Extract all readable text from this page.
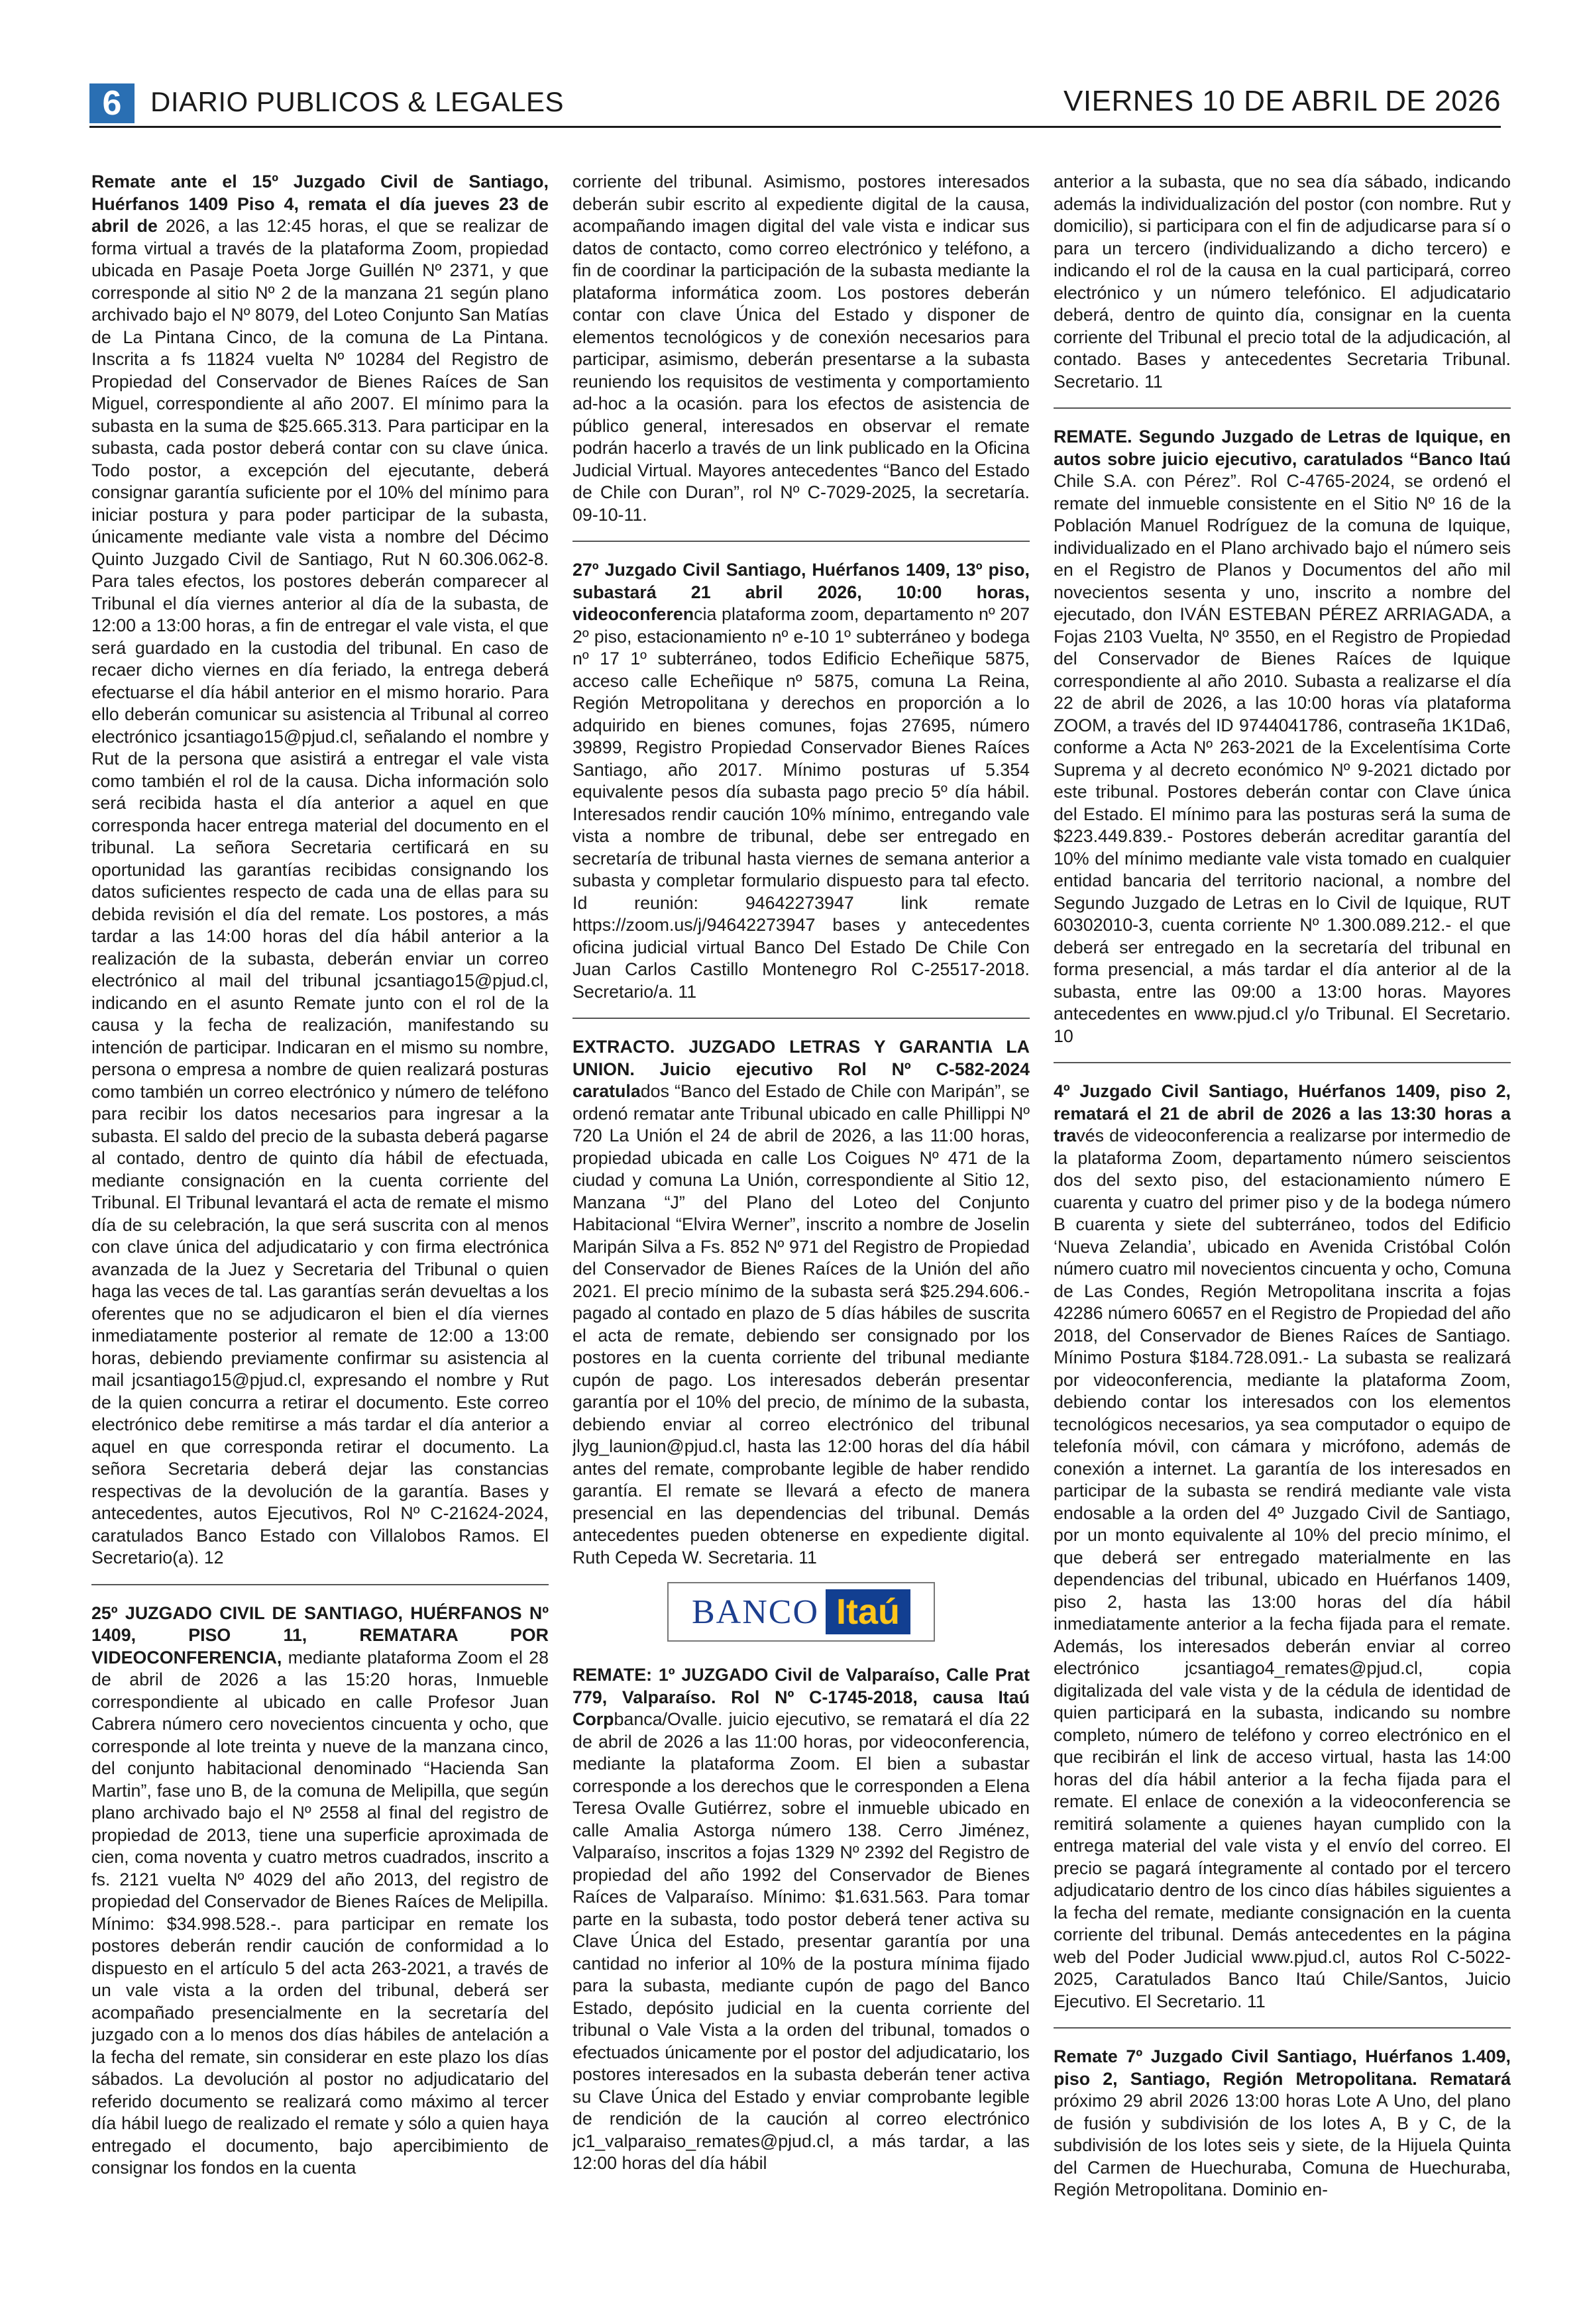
6	DIARIO PUBLICOS & LEGALES	VIERNES 10 DE ABRIL DE 2026

Remate ante el 15º Juzgado Civil de Santiago, Huérfanos 1409 Piso 4, remata el día jueves 23 de abril de 2026, a las 12:45 horas, el que se realizar de forma virtual a través de la plataforma Zoom, propiedad ubicada en Pasaje Poeta Jorge Guillén Nº 2371, y que corresponde al sitio Nº 2 de la manzana 21 según plano archivado bajo el Nº 8079, del Loteo Conjunto San Matías de La Pintana Cinco, de la comuna de La Pintana. Inscrita a fs 11824 vuelta Nº 10284 del Registro de Propiedad del Conservador de Bienes Raíces de San Miguel, correspondiente al año 2007. El mínimo para la subasta en la suma de $25.665.313. Para participar en la subasta, cada postor deberá contar con su clave única. Todo postor, a excepción del ejecutante, deberá consignar garantía suficiente por el 10% del mínimo para iniciar postura y para poder participar de la subasta, únicamente mediante vale vista a nombre del Décimo Quinto Juzgado Civil de Santiago, Rut N 60.306.062-8. Para tales efectos, los postores deberán comparecer al Tribunal el día viernes anterior al día de la subasta, de 12:00 a 13:00 horas, a fin de entregar el vale vista, el que será guardado en la custodia del tribunal. En caso de recaer dicho viernes en día feriado, la entrega deberá efectuarse el día hábil anterior en el mismo horario. Para ello deberán comunicar su asistencia al Tribunal al correo electrónico jcsantiago15@pjud.cl, señalando el nombre y Rut de la persona que asistirá a entregar el vale vista como también el rol de la causa. Dicha información solo será recibida hasta el día anterior a aquel en que corresponda hacer entrega material del documento en el tribunal. La señora Secretaria certificará en su oportunidad las garantías recibidas consignando los datos suficientes respecto de cada una de ellas para su debida revisión el día del remate. Los postores, a más tardar a las 14:00 horas del día hábil anterior a la realización de la subasta, deberán enviar un correo electrónico al mail del tribunal jcsantiago15@pjud.cl, indicando en el asunto Remate junto con el rol de la causa y la fecha de realización, manifestando su intención de participar. Indicaran en el mismo su nombre, persona o empresa a nombre de quien realizará posturas como también un correo electrónico y número de teléfono para recibir los datos necesarios para ingresar a la subasta. El saldo del precio de la subasta deberá pagarse al contado, dentro de quinto día hábil de efectuada, mediante consignación en la cuenta corriente del Tribunal. El Tribunal levantará el acta de remate el mismo día de su celebración, la que será suscrita con al menos con clave única del adjudicatario y con firma electrónica avanzada de la Juez y Secretaria del Tribunal o quien haga las veces de tal. Las garantías serán devueltas a los oferentes que no se adjudicaron el bien el día viernes inmediatamente posterior al remate de 12:00 a 13:00 horas, debiendo previamente confirmar su asistencia al mail jcsantiago15@pjud.cl, expresando el nombre y Rut de la quien concurra a retirar el documento. Este correo electrónico debe remitirse a más tardar el día anterior a aquel en que corresponda retirar el documento. La señora Secretaria deberá dejar las constancias respectivas de la devolución de la garantía. Bases y antecedentes, autos Ejecutivos, Rol Nº C-21624-2024, caratulados Banco Estado con Villalobos Ramos. El Secretario(a). 12

25º JUZGADO CIVIL DE SANTIAGO, HUÉRFANOS Nº 1409, PISO 11, REMATARA POR VIDEOCONFERENCIA, mediante plataforma Zoom el 28 de abril de 2026 a las 15:20 horas, Inmueble correspondiente al ubicado en calle Profesor Juan Cabrera número cero novecientos cincuenta y ocho, que corresponde al lote treinta y nueve de la manzana cinco, del conjunto habitacional denominado “Hacienda San Martin”, fase uno B, de la comuna de Melipilla, que según plano archivado bajo el Nº 2558 al final del registro de propiedad de 2013, tiene una superficie aproximada de cien, coma noventa y cuatro metros cuadrados, inscrito a fs. 2121 vuelta Nº 4029 del año 2013, del registro de propiedad del Conservador de Bienes Raíces de Melipilla. Mínimo: $34.998.528.-. para participar en remate los postores deberán rendir caución de conformidad a lo dispuesto en el artículo 5 del acta 263-2021, a través de un vale vista a la orden del tribunal, deberá ser acompañado presencialmente en la secretaría del juzgado con a lo menos dos días hábiles de antelación a la fecha del remate, sin considerar en este plazo los días sábados. La devolución al postor no adjudicatario del referido documento se realizará como máximo al tercer día hábil luego de realizado el remate y sólo a quien haya entregado el documento, bajo apercibimiento de consignar los fondos en la cuenta

corriente del tribunal. Asimismo, postores interesados deberán subir escrito al expediente digital de la causa, acompañando imagen digital del vale vista e indicar sus datos de contacto, como correo electrónico y teléfono, a fin de coordinar la participación de la subasta mediante la plataforma informática zoom. Los postores deberán contar con clave Única del Estado y disponer de elementos tecnológicos y de conexión necesarios para participar, asimismo, deberán presentarse a la subasta reuniendo los requisitos de vestimenta y comportamiento ad-hoc a la ocasión. para los efectos de asistencia de público general, interesados en observar el remate podrán hacerlo a través de un link publicado en la Oficina Judicial Virtual. Mayores antecedentes “Banco del Estado de Chile con Duran”, rol Nº C-7029-2025, la secretaría. 09-10-11.

27º Juzgado Civil Santiago, Huérfanos 1409, 13º piso, subastará 21 abril 2026, 10:00 horas, videoconferencia plataforma zoom, departamento nº 207 2º piso, estacionamiento nº e-10 1º subterráneo y bodega nº 17 1º subterráneo, todos Edificio Echeñique 5875, acceso calle Echeñique nº 5875, comuna La Reina, Región Metropolitana y derechos en proporción a lo adquirido en bienes comunes, fojas 27695, número 39899, Registro Propiedad Conservador Bienes Raíces Santiago, año 2017. Mínimo posturas uf 5.354 equivalente pesos día subasta pago precio 5º día hábil. Interesados rendir caución 10% mínimo, entregando vale vista a nombre de tribunal, debe ser entregado en secretaría de tribunal hasta viernes de semana anterior a subasta y completar formulario dispuesto para tal efecto. Id reunión: 94642273947 link remate https://zoom.us/j/94642273947 bases y antecedentes oficina judicial virtual Banco Del Estado De Chile Con Juan Carlos Castillo Montenegro Rol C-25517-2018. Secretario/a. 11

EXTRACTO. JUZGADO LETRAS Y GARANTIA LA UNION. Juicio ejecutivo Rol Nº C-582-2024 caratulados “Banco del Estado de Chile con Maripán”, se ordenó rematar ante Tribunal ubicado en calle Phillippi Nº 720 La Unión el 24 de abril de 2026, a las 11:00 horas, propiedad ubicada en calle Los Coigues Nº 471 de la ciudad y comuna La Unión, correspondiente al Sitio 12, Manzana “J” del Plano del Loteo del Conjunto Habitacional “Elvira Werner”, inscrito a nombre de Joselin Maripán Silva a Fs. 852 Nº 971 del Registro de Propiedad del Conservador de Bienes Raíces de la Unión del año 2021. El precio mínimo de la subasta será $25.294.606.- pagado al contado en plazo de 5 días hábiles de suscrita el acta de remate, debiendo ser consignado por los postores en la cuenta corriente del tribunal mediante cupón de pago. Los interesados deberán presentar garantía por el 10% del precio, de mínimo de la subasta, debiendo enviar al correo electrónico del tribunal jlyg_launion@pjud.cl, hasta las 12:00 horas del día hábil antes del remate, comprobante legible de haber rendido garantía. El remate se llevará a efecto de manera presencial en las dependencias del tribunal. Demás antecedentes pueden obtenerse en expediente digital. Ruth Cepeda W. Secretaria. 11

BANCO Itaú

REMATE: 1º JUZGADO Civil de Valparaíso, Calle Prat 779, Valparaíso. Rol Nº C-1745-2018, causa Itaú Corpbanca/Ovalle. juicio ejecutivo, se rematará el día 22 de abril de 2026 a las 11:00 horas, por videoconferencia, mediante la plataforma Zoom. El bien a subastar corresponde a los derechos que le corresponden a Elena Teresa Ovalle Gutiérrez, sobre el inmueble ubicado en calle Amalia Astorga número 138. Cerro Jiménez, Valparaíso, inscritos a fojas 1329 Nº 2392 del Registro de propiedad del año 1992 del Conservador de Bienes Raíces de Valparaíso. Mínimo: $1.631.563. Para tomar parte en la subasta, todo postor deberá tener activa su Clave Única del Estado, presentar garantía por una cantidad no inferior al 10% de la postura mínima fijado para la subasta, mediante cupón de pago del Banco Estado, depósito judicial en la cuenta corriente del tribunal o Vale Vista a la orden del tribunal, tomados o efectuados únicamente por el postor del adjudicatario, los postores interesados en la subasta deberán tener activa su Clave Única del Estado y enviar comprobante legible de rendición de la caución al correo electrónico jc1_valparaiso_remates@pjud.cl, a más tardar, a las 12:00 horas del día hábil

anterior a la subasta, que no sea día sábado, indicando además la individualización del postor (con nombre. Rut y domicilio), si participara con el fin de adjudicarse para sí o para un tercero (individualizando a dicho tercero) e indicando el rol de la causa en la cual participará, correo electrónico y un número telefónico. El adjudicatario deberá, dentro de quinto día, consignar en la cuenta corriente del Tribunal el precio total de la adjudicación, al contado. Bases y antecedentes Secretaria Tribunal. Secretario. 11

REMATE. Segundo Juzgado de Letras de Iquique, en autos sobre juicio ejecutivo, caratulados “Banco Itaú Chile S.A. con Pérez”. Rol C-4765-2024, se ordenó el remate del inmueble consistente en el Sitio Nº 16 de la Población Manuel Rodríguez de la comuna de Iquique, individualizado en el Plano archivado bajo el número seis en el Registro de Planos y Documentos del año mil novecientos sesenta y uno, inscrito a nombre del ejecutado, don IVÁN ESTEBAN PÉREZ ARRIAGADA, a Fojas 2103 Vuelta, Nº 3550, en el Registro de Propiedad del Conservador de Bienes Raíces de Iquique correspondiente al año 2010. Subasta a realizarse el día 22 de abril de 2026, a las 10:00 horas vía plataforma ZOOM, a través del ID 9744041786, contraseña 1K1Da6, conforme a Acta Nº 263-2021 de la Excelentísima Corte Suprema y al decreto económico Nº 9-2021 dictado por este tribunal. Postores deberán contar con Clave única del Estado. El mínimo para las posturas será la suma de $223.449.839.- Postores deberán acreditar garantía del 10% del mínimo mediante vale vista tomado en cualquier entidad bancaria del territorio nacional, a nombre del Segundo Juzgado de Letras en lo Civil de Iquique, RUT 60302010-3, cuenta corriente Nº 1.300.089.212.- el que deberá ser entregado en la secretaría del tribunal en forma presencial, a más tardar el día anterior al de la subasta, entre las 09:00 a 13:00 horas. Mayores antecedentes en www.pjud.cl y/o Tribunal. El Secretario. 10

4º Juzgado Civil Santiago, Huérfanos 1409, piso 2, rematará el 21 de abril de 2026 a las 13:30 horas a través de videoconferencia a realizarse por intermedio de la plataforma Zoom, departamento número seiscientos dos del sexto piso, del estacionamiento número E cuarenta y cuatro del primer piso y de la bodega número B cuarenta y siete del subterráneo, todos del Edificio ‘Nueva Zelandia’, ubicado en Avenida Cristóbal Colón número cuatro mil novecientos cincuenta y ocho, Comuna de Las Condes, Región Metropolitana inscrita a fojas 42286 número 60657 en el Registro de Propiedad del año 2018, del Conservador de Bienes Raíces de Santiago. Mínimo Postura $184.728.091.- La subasta se realizará por videoconferencia, mediante la plataforma Zoom, debiendo contar los interesados con los elementos tecnológicos necesarios, ya sea computador o equipo de telefonía móvil, con cámara y micrófono, además de conexión a internet. La garantía de los interesados en participar de la subasta se rendirá mediante vale vista endosable a la orden del 4º Juzgado Civil de Santiago, por un monto equivalente al 10% del precio mínimo, el que deberá ser entregado materialmente en las dependencias del tribunal, ubicado en Huérfanos 1409, piso 2, hasta las 13:00 horas del día hábil inmediatamente anterior a la fecha fijada para el remate. Además, los interesados deberán enviar al correo electrónico jcsantiago4_remates@pjud.cl, copia digitalizada del vale vista y de la cédula de identidad de quien participará en la subasta, indicando su nombre completo, número de teléfono y correo electrónico en el que recibirán el link de acceso virtual, hasta las 14:00 horas del día hábil anterior a la fecha fijada para el remate. El enlace de conexión a la videoconferencia se remitirá solamente a quienes hayan cumplido con la entrega material del vale vista y el envío del correo. El precio se pagará íntegramente al contado por el tercero adjudicatario dentro de los cinco días hábiles siguientes a la fecha del remate, mediante consignación en la cuenta corriente del tribunal. Demás antecedentes en la página web del Poder Judicial www.pjud.cl, autos Rol C-5022-2025, Caratulados Banco Itaú Chile/Santos, Juicio Ejecutivo. El Secretario. 11

Remate 7º Juzgado Civil Santiago, Huérfanos 1.409, piso 2, Santiago, Región Metropolitana. Rematará próximo 29 abril 2026 13:00 horas Lote A Uno, del plano de fusión y subdivisión de los lotes A, B y C, de la subdivisión de los lotes seis y siete, de la Hijuela Quinta del Carmen de Huechuraba, Comuna de Huechuraba, Región Metropolitana. Dominio en-
